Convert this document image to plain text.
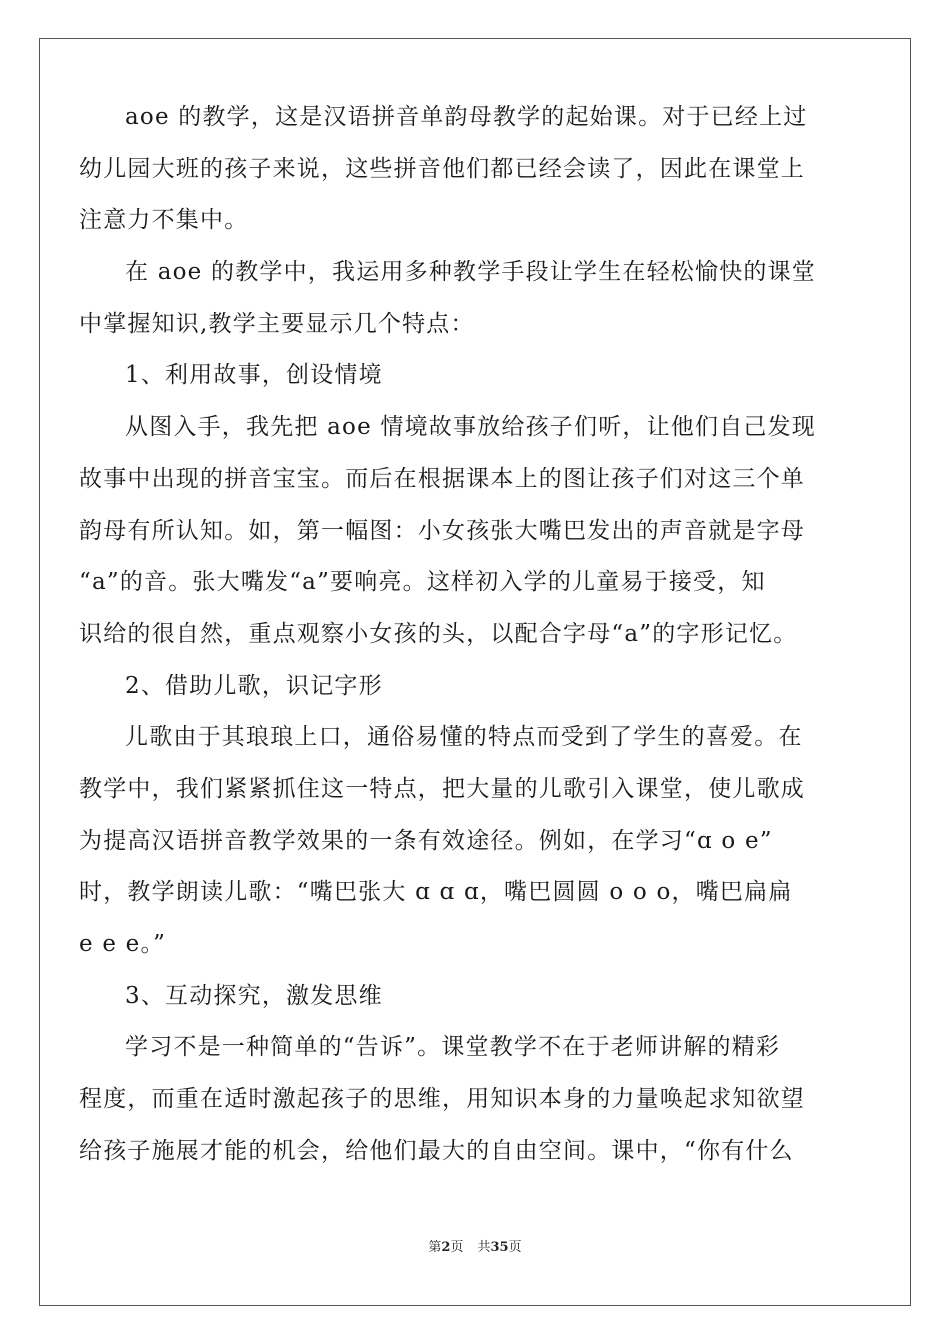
aoe 的教学，这是汉语拼音单韵母教学的起始课。对于已经上过
幼儿园大班的孩子来说，这些拼音他们都已经会读了，因此在课堂上
注意力不集中。
在 aoe 的教学中，我运用多种教学手段让学生在轻松愉快的课堂
中掌握知识,教学主要显示几个特点：
1、利用故事，创设情境
从图入手，我先把 aoe 情境故事放给孩子们听，让他们自己发现
故事中出现的拼音宝宝。而后在根据课本上的图让孩子们对这三个单
韵母有所认知。如，第一幅图：小女孩张大嘴巴发出的声音就是字母
“a”的音。张大嘴发“a”要响亮。这样初入学的儿童易于接受，知
识给的很自然，重点观察小女孩的头，以配合字母“a”的字形记忆。
2、借助儿歌，识记字形
儿歌由于其琅琅上口，通俗易懂的特点而受到了学生的喜爱。在
教学中，我们紧紧抓住这一特点，把大量的儿歌引入课堂，使儿歌成
为提高汉语拼音教学效果的一条有效途径。例如，在学习“ɑ o e”
时，教学朗读儿歌：“嘴巴张大 ɑ ɑ ɑ，嘴巴圆圆 o o o，嘴巴扁扁
e e e。”
3、互动探究，激发思维
学习不是一种简单的“告诉”。课堂教学不在于老师讲解的精彩
程度，而重在适时激起孩子的思维，用知识本身的力量唤起求知欲望
给孩子施展才能的机会，给他们最大的自由空间。课中，“你有什么
第2页 共35页
